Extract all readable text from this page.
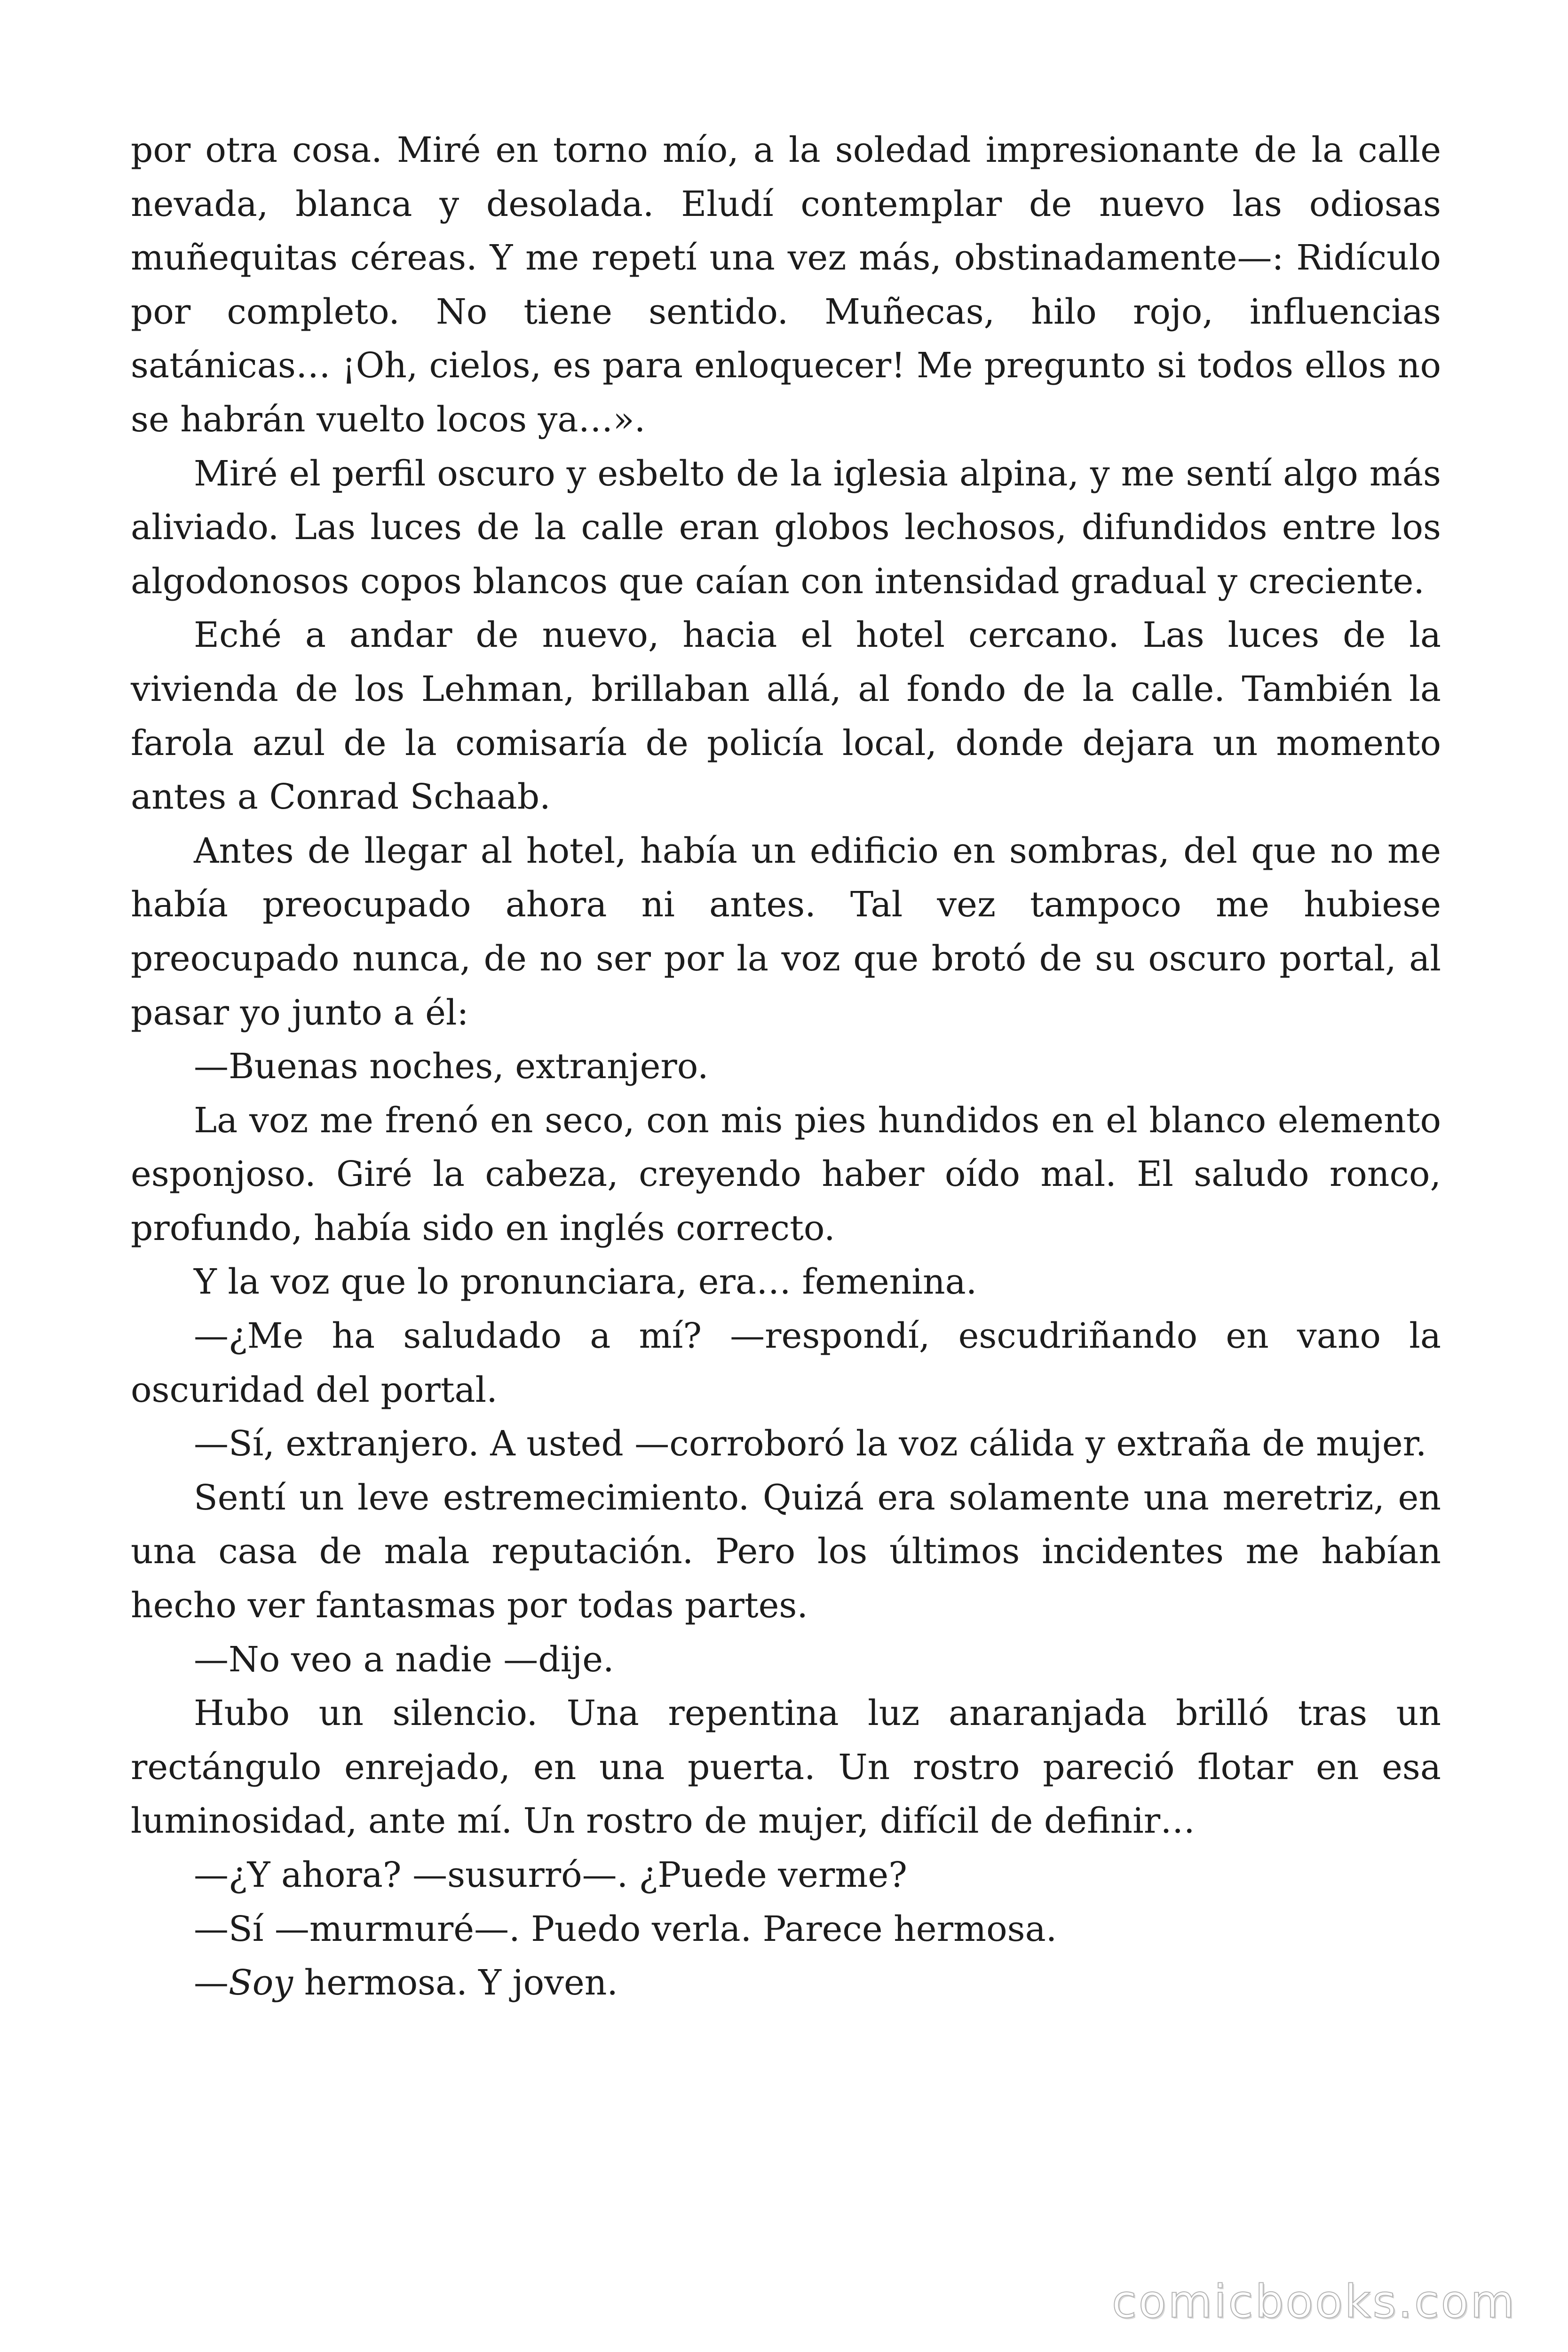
por otra cosa. Miré en torno mío, a la soledad impresionante de la calle nevada, blanca y desolada. Eludí contemplar de nuevo las odiosas muñequitas céreas. Y me repetí una vez más, obstinadamente—: Ridículo por completo. No tiene sentido. Muñecas, hilo rojo, influencias satánicas… ¡Oh, cielos, es para enloquecer! Me pregunto si todos ellos no se habrán vuelto locos ya…».

Miré el perfil oscuro y esbelto de la iglesia alpina, y me sentí algo más aliviado. Las luces de la calle eran globos lechosos, difundidos entre los algodonosos copos blancos que caían con intensidad gradual y creciente.

Eché a andar de nuevo, hacia el hotel cercano. Las luces de la vivienda de los Lehman, brillaban allá, al fondo de la calle. También la farola azul de la comisaría de policía local, donde dejara un momento antes a Conrad Schaab.

Antes de llegar al hotel, había un edificio en sombras, del que no me había preocupado ahora ni antes. Tal vez tampoco me hubiese preocupado nunca, de no ser por la voz que brotó de su oscuro portal, al pasar yo junto a él:

—Buenas noches, extranjero.

La voz me frenó en seco, con mis pies hundidos en el blanco elemento esponjoso. Giré la cabeza, creyendo haber oído mal. El saludo ronco, profundo, había sido en inglés correcto.

Y la voz que lo pronunciara, era… femenina.

—¿Me ha saludado a mí? —respondí, escudriñando en vano la oscuridad del portal.

—Sí, extranjero. A usted —corroboró la voz cálida y extraña de mujer.

Sentí un leve estremecimiento. Quizá era solamente una meretriz, en una casa de mala reputación. Pero los últimos incidentes me habían hecho ver fantasmas por todas partes.

—No veo a nadie —dije.

Hubo un silencio. Una repentina luz anaranjada brilló tras un rectángulo enrejado, en una puerta. Un rostro pareció flotar en esa luminosidad, ante mí. Un rostro de mujer, difícil de definir…

—¿Y ahora? —susurró—. ¿Puede verme?

—Sí —murmuré—. Puedo verla. Parece hermosa.

—Soy hermosa. Y joven.

comicbooks.com
